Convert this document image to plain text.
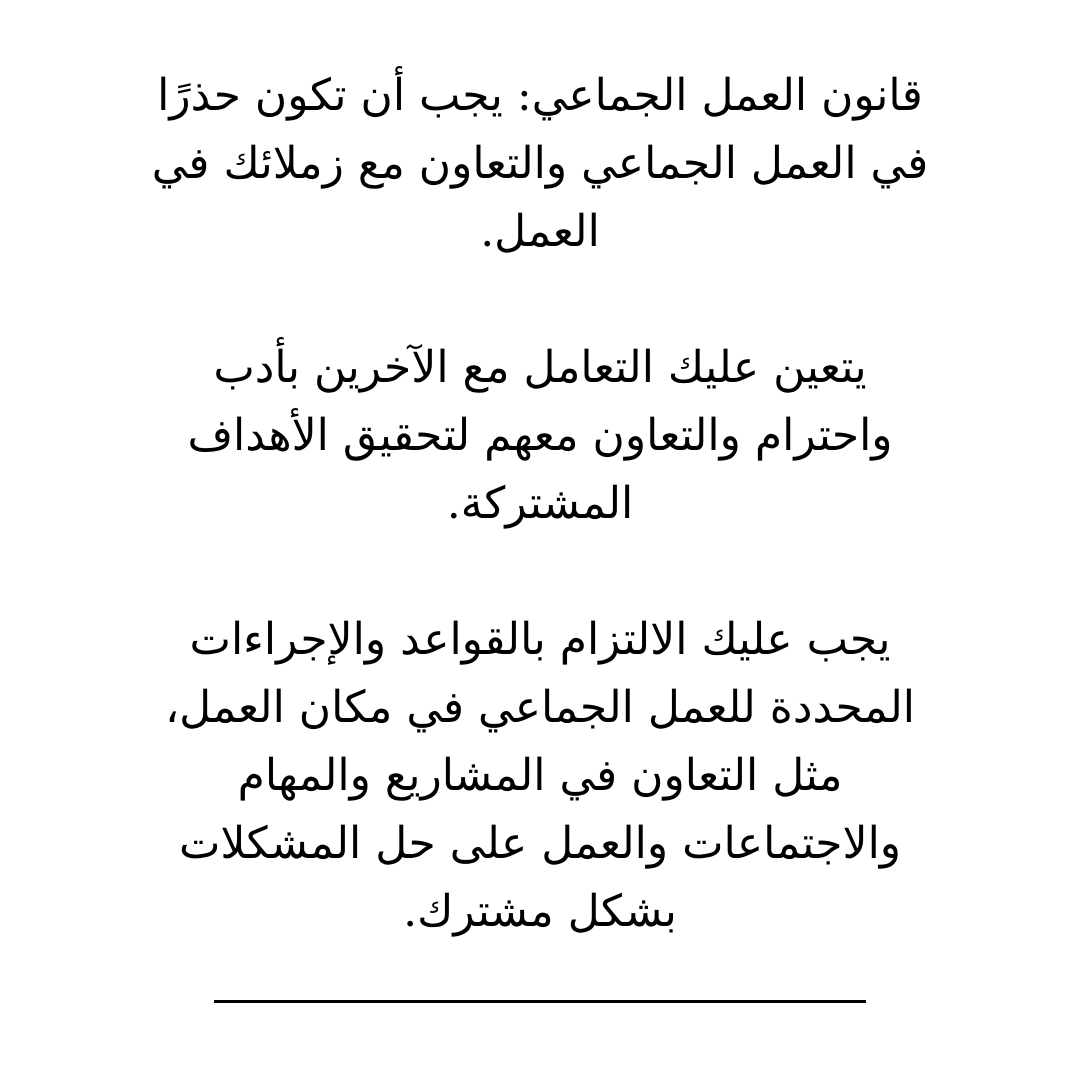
قانون العمل الجماعي: يجب أن تكون حذرًا في العمل الجماعي والتعاون مع زملائك في العمل.

يتعين عليك التعامل مع الآخرين بأدب واحترام والتعاون معهم لتحقيق الأهداف المشتركة.

يجب عليك الالتزام بالقواعد والإجراءات المحددة للعمل الجماعي في مكان العمل، مثل التعاون في المشاريع والمهام والاجتماعات والعمل على حل المشكلات بشكل مشترك.
